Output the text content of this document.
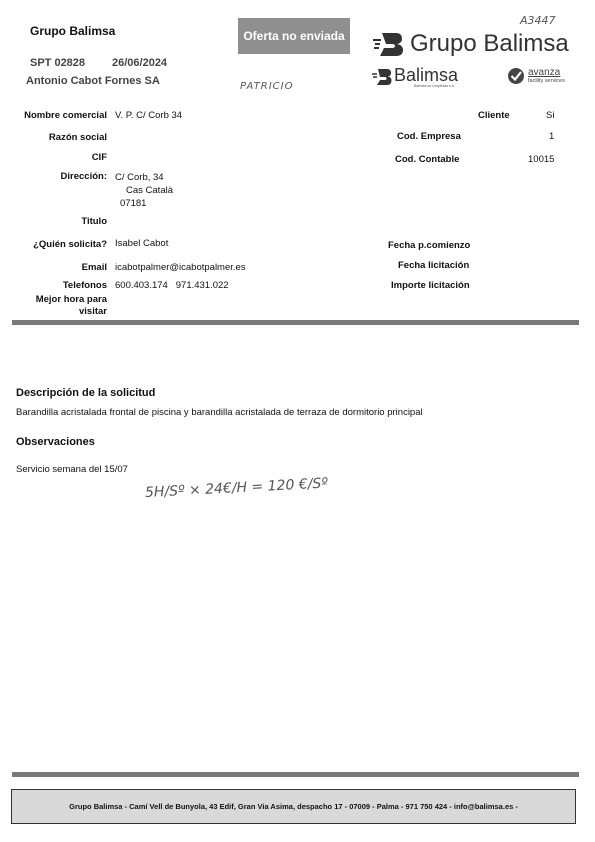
Grupo Balimsa
SPT 02828 26/06/2024
Antonio Cabot Fornes SA
Oferta no enviada
A3447
PATRICIO
Grupo Balimsa
Balimsa
Balimsa de Limpiezas s.a.
avanza
facility services
Nombre comercial V. P. C/ Corb 34
Razón social
CIF
Dirección: C/ Corb, 34
Cas Català
07181
Titulo
¿Quién solicita? Isabel Cabot
Email icabotpalmer@icabotpalmer.es
Telefonos 600.403.174   971.431.022
Mejor hora para
visitar
Cliente	Si
Cod. Empresa	1
Cod. Contable	10015
Fecha p.comienzo
Fecha licitación
Importe licitación
Descripción de la solicitud
Barandilla acristalada frontal de piscina y barandilla acristalada de terraza de dormitorio principal
Observaciones
Servicio semana del 15/07
5H/Sº × 24€/H = 120 €/Sº
Grupo Balimsa - Camí Vell de Bunyola, 43 Edif, Gran Via Asima, despacho 17 - 07009 - Palma - 971 750 424 - info@balimsa.es -
